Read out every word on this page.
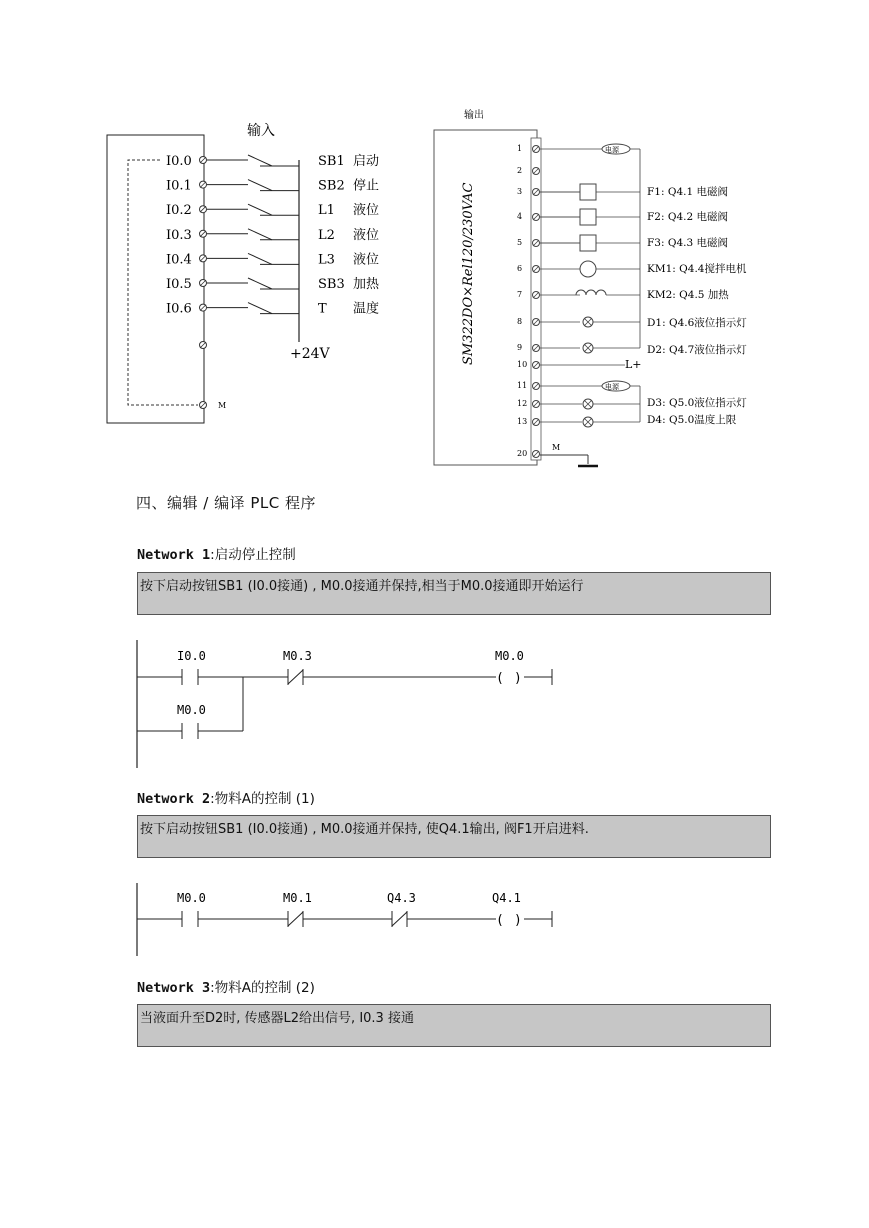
输入
I0.0	SB1 启动
I0.1	SB2 停止
I0.2	L1 液位
I0.3	L2 液位
I0.4	L3 液位
I0.5	SB3 加热
I0.6	T 温度
M
+24V
输出
SM322DO×Rel120/230VAC
1
2
3
4
5
6
7
8
9
10
11
12
13
20
电源
F1: Q4.1 电磁阀
F2: Q4.2 电磁阀
F3: Q4.3 电磁阀
KM1: Q4.4搅拌电机
KM2: Q4.5 加热
D1: Q4.6液位指示灯
D2: Q4.7液位指示灯
D3: Q5.0液位指示灯
D4: Q5.0温度上限
电源
L+
M
四、编辑 / 编译 PLC 程序
Network 1:启动停止控制
按下启动按钮SB1 (I0.0接通) , M0.0接通并保持,相当于M0.0接通即开始运行
( )
I0.0	M0.3	M0.0
M0.0
Network 2:物料A的控制 (1)
按下启动按钮SB1 (I0.0接通) , M0.0接通并保持, 使Q4.1输出, 阀F1开启进料.
( )
M0.0	M0.1	Q4.3	Q4.1
Network 3:物料A的控制 (2)
当液面升至D2时, 传感器L2给出信号, I0.3 接通
